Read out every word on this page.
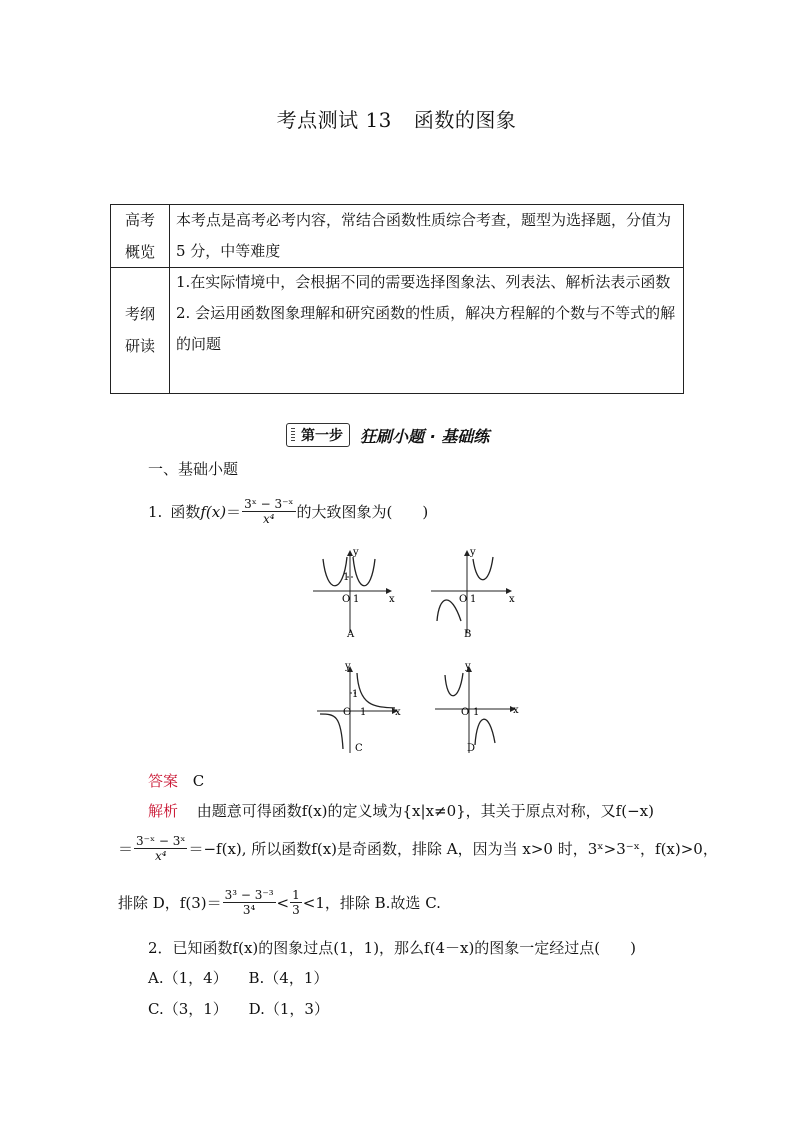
考点测试 13 函数的图象
高考
概览
本考点是高考必考内容，常结合函数性质综合考查，题型为选择题，分值为 5 分，中等难度
考纲
研读
1.在实际情境中，会根据不同的需要选择图象法、列表法、解析法表示函数
2. 会运用函数图象理解和研究函数的性质，解决方程解的个数与不等式的解的问题
第一步 狂刷小题 · 基础练
一、基础小题
1. 函数 $f(x) = \frac{\text{3ˣ − 3⁻ˣ}}{\text{x⁴}}$ 的大致图象为(　　)
y
x
O 1
1
A
y
x
O 1
B
y
x
O 1
1
C
y
x
O 1
D
答案 C
解析 由题意可得函数f(x)的定义域为{x|x≠0}，其关于原点对称，又f(−x)
＝ $\frac{\text{3⁻ˣ − 3ˣ}}{\text{x⁴}} =-f(x)$, 所以函数f(x)是奇函数，排除 A，因为当 x>0 时，3ˣ>3⁻ˣ，f(x)>0，
排除 D，$f(3)= \frac{\text{3³ − 3⁻³}}{\text{3⁴}} < \frac{1}{3} <1$，排除 B.故选 C.
2．已知函数f(x)的图象过点(1，1)，那么f(4－x)的图象一定经过点(　　)
A.（1，4） B.（4，1）
C.（3，1） D.（1，3）
